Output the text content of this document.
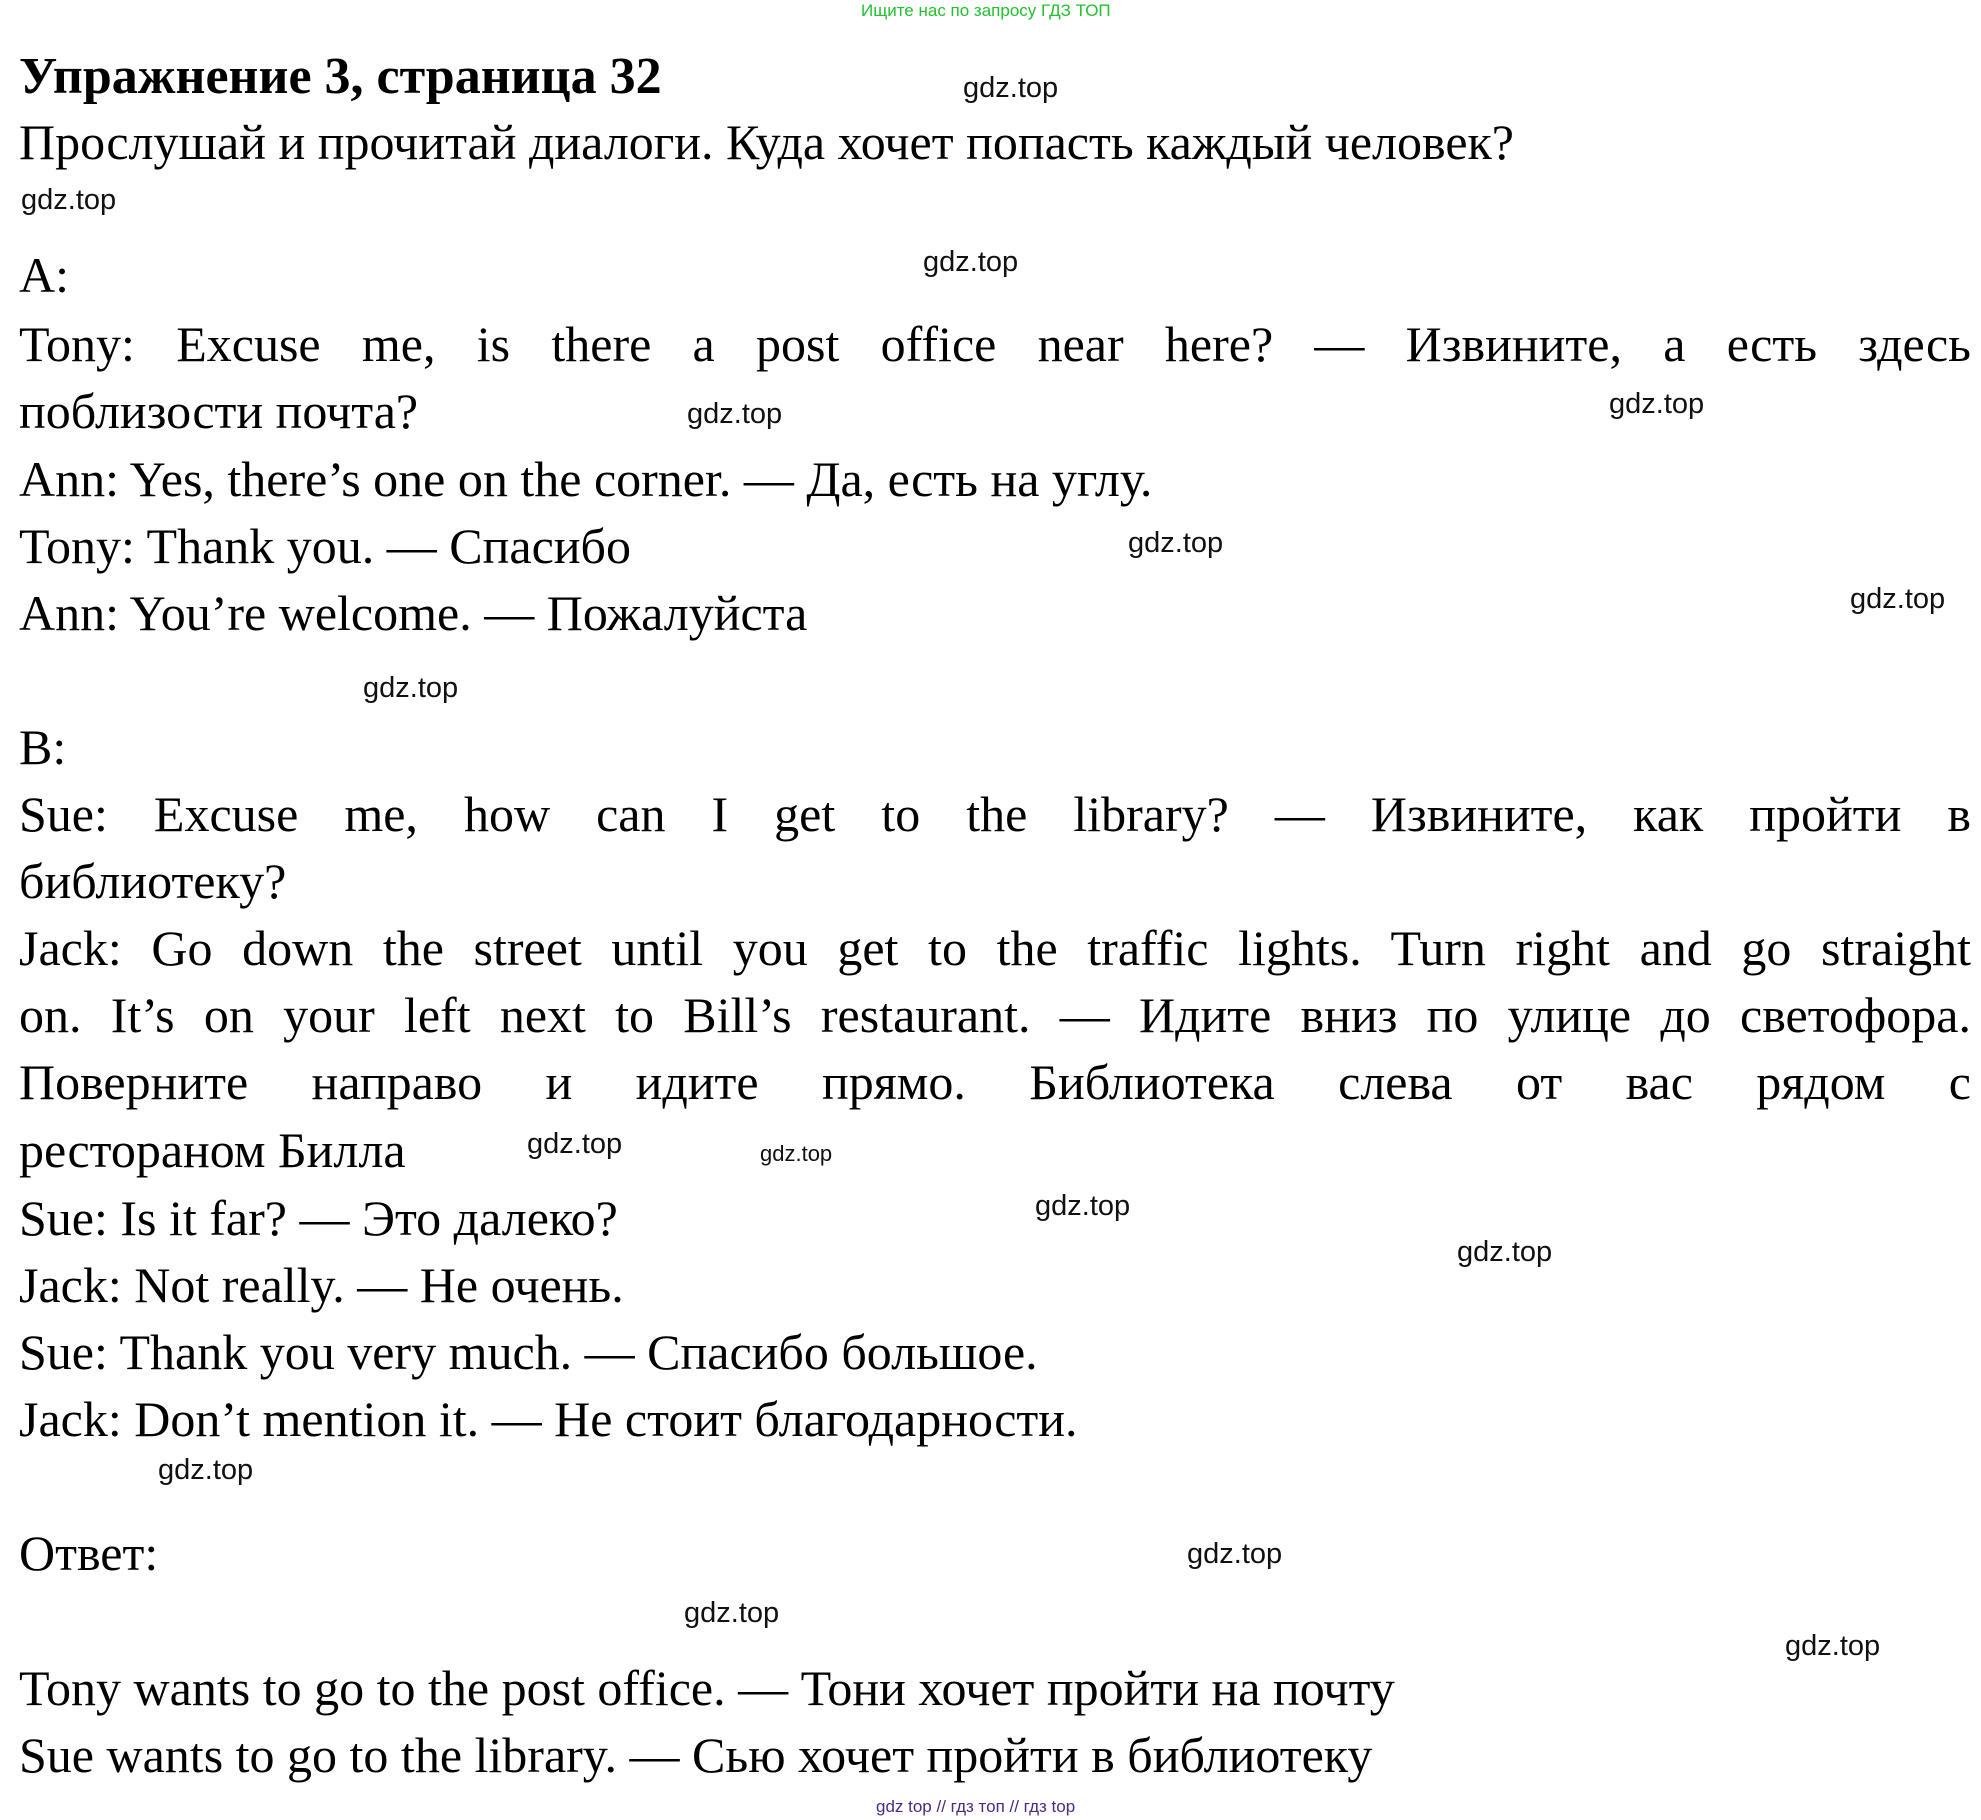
Ищите нас по запросу ГДЗ ТОП
Упражнение 3, страница 32
Прослушай и прочитай диалоги. Куда хочет попасть каждый человек?
A:
Tony: Excuse me, is there a post office near here? — Извините, а есть здесь
поблизости почта?
Ann: Yes, there’s one on the corner. — Да, есть на углу.
Tony: Thank you. — Спасибо
Ann: You’re welcome. — Пожалуйста
B:
Sue: Excuse me, how can I get to the library? — Извините, как пройти в
библиотеку?
Jack: Go down the street until you get to the traffic lights. Turn right and go straight
on. It’s on your left next to Bill’s restaurant. — Идите вниз по улице до светофора.
Поверните направо и идите прямо. Библиотека слева от вас рядом с
рестораном Билла
Sue: Is it far? — Это далеко?
Jack: Not really. — Не очень.
Sue: Thank you very much. — Спасибо большое.
Jack: Don’t mention it. — Не стоит благодарности.
Ответ:
Tony wants to go to the post office. — Тони хочет пройти на почту
Sue wants to go to the library. — Сью хочет пройти в библиотеку
gdz.top
gdz.top
gdz.top
gdz.top
gdz.top
gdz.top
gdz.top
gdz.top
gdz.top
gdz.top
gdz.top
gdz.top
gdz.top
gdz.top
gdz.top
gdz.top
gdz top // гдз топ // гдз top
